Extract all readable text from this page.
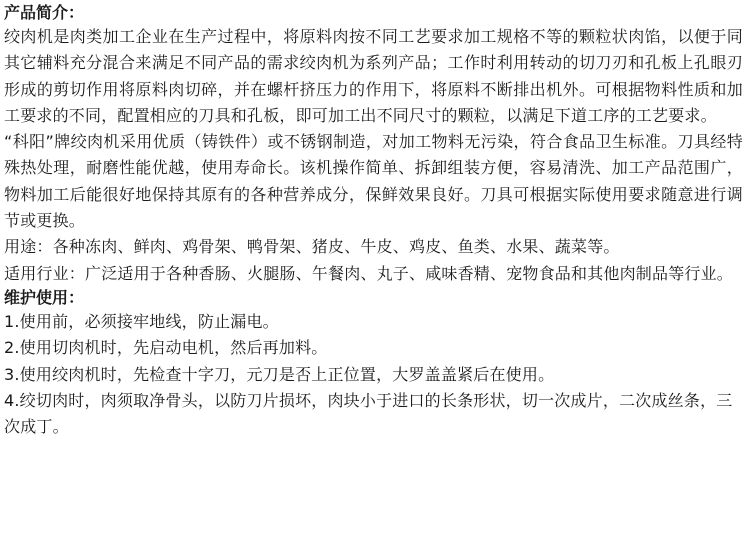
产品简介：

绞肉机是肉类加工企业在生产过程中，将原料肉按不同工艺要求加工规格不等的颗粒状肉馅，以便于同其它辅料充分混合来满足不同产品的需求绞肉机为系列产品；工作时利用转动的切刀刃和孔板上孔眼刃形成的剪切作用将原料肉切碎，并在螺杆挤压力的作用下，将原料不断排出机外。可根据物料性质和加工要求的不同，配置相应的刀具和孔板，即可加工出不同尺寸的颗粒，以满足下道工序的工艺要求。

“科阳”牌绞肉机采用优质（铸铁件）或不锈钢制造，对加工物料无污染，符合食品卫生标准。刀具经特殊热处理，耐磨性能优越，使用寿命长。该机操作简单、拆卸组装方便，容易清洗、加工产品范围广，物料加工后能很好地保持其原有的各种营养成分，保鲜效果良好。刀具可根据实际使用要求随意进行调节或更换。

用途：各种冻肉、鲜肉、鸡骨架、鸭骨架、猪皮、牛皮、鸡皮、鱼类、水果、蔬菜等。

适用行业：广泛适用于各种香肠、火腿肠、午餐肉、丸子、咸味香精、宠物食品和其他肉制品等行业。

维护使用：
1.使用前，必须接牢地线，防止漏电。
2.使用切肉机时，先启动电机，然后再加料。
3.使用绞肉机时，先检查十字刀，元刀是否上正位置，大罗盖盖紧后在使用。
4.绞切肉时，肉须取净骨头，以防刀片损坏，肉块小于进口的长条形状，切一次成片，二次成丝条，三次成丁。
